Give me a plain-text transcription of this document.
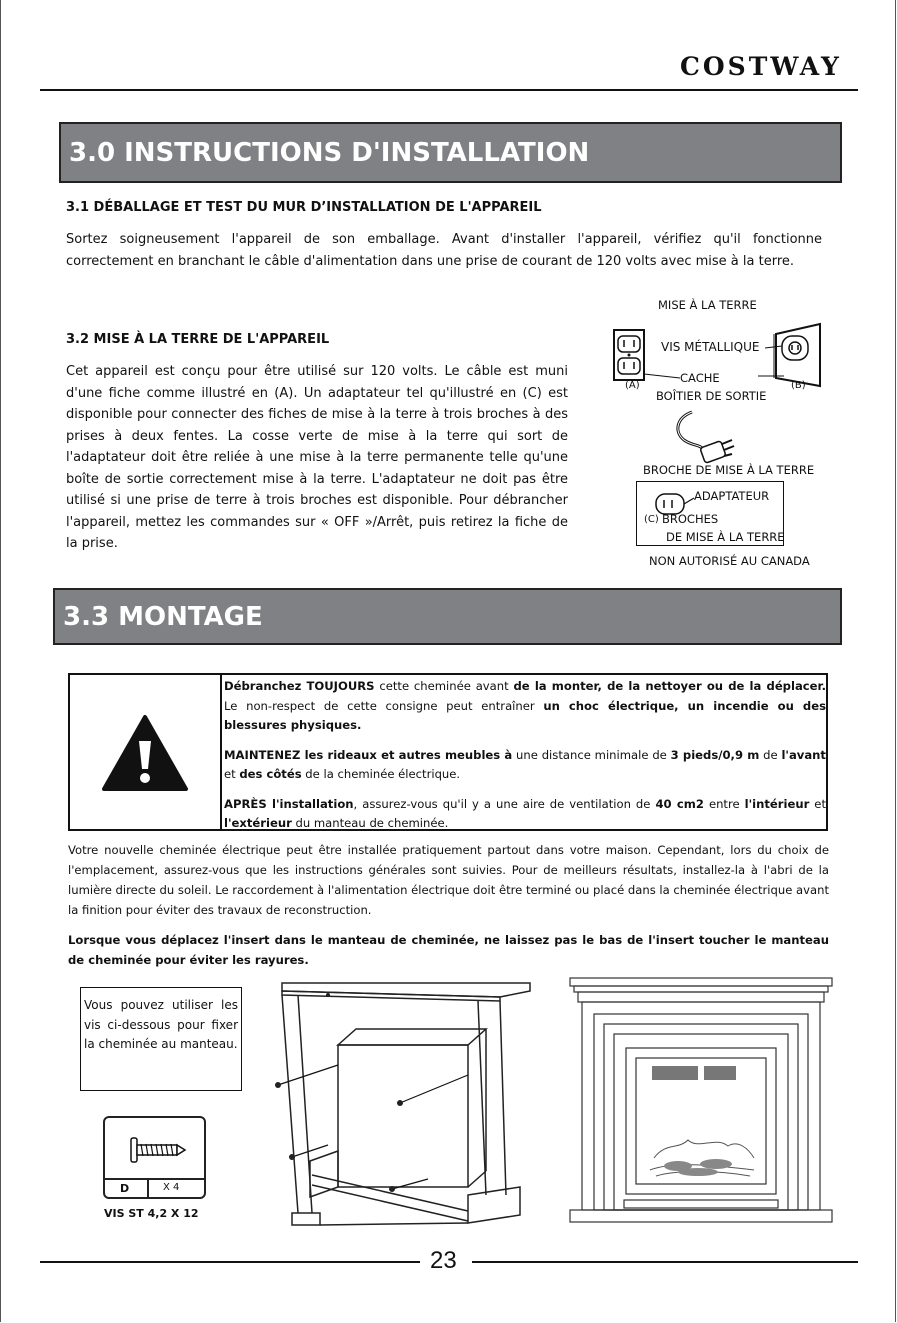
COSTWAY
3.0 INSTRUCTIONS D'INSTALLATION
3.1 DÉBALLAGE ET TEST DU MUR D’INSTALLATION DE L'APPAREIL
Sortez soigneusement l'appareil de son emballage. Avant d'installer l'appareil, vérifiez qu'il fonctionne correctement en branchant le câble d'alimentation dans une prise de courant de 120 volts avec mise à la terre.
3.2 MISE À LA TERRE DE L'APPAREIL
Cet appareil est conçu pour être utilisé sur 120 volts. Le câble est muni d'une fiche comme illustré en (A). Un adaptateur tel qu'illustré en (C) est disponible pour connecter des fiches de mise à la terre à trois broches à des prises à deux fentes. La cosse verte de mise à la terre qui sort de l'adaptateur doit être reliée à une mise à la terre permanente telle qu'une boîte de sortie correctement mise à la terre. L'adaptateur ne doit pas être utilisé si une prise de terre à trois broches est disponible. Pour débrancher l'appareil, mettez les commandes sur « OFF »/Arrêt, puis retirez la fiche de la prise.
MISE À LA TERRE
VIS MÉTALLIQUE
(A)	(B)
CACHE
BOÎTIER DE SORTIE
BROCHE DE MISE À LA TERRE
ADAPTATEUR
(C) BROCHES
DE MISE À LA TERRE
NON AUTORISÉ AU CANADA
3.3 MONTAGE

Débranchez TOUJOURS cette cheminée avant de la monter, de la nettoyer ou de la déplacer. Le non-respect de cette consigne peut entraîner un choc électrique, un incendie ou des blessures physiques.

MAINTENEZ les rideaux et autres meubles à une distance minimale de 3 pieds/0,9 m de l'avant et des côtés de la cheminée électrique.

APRÈS l'installation, assurez-vous qu'il y a une aire de ventilation de 40 cm2 entre l'intérieur et l'extérieur du manteau de cheminée.

Votre nouvelle cheminée électrique peut être installée pratiquement partout dans votre maison. Cependant, lors du choix de l'emplacement, assurez-vous que les instructions générales sont suivies. Pour de meilleurs résultats, installez-la à l'abri de la lumière directe du soleil. Le raccordement à l'alimentation électrique doit être terminé ou placé dans la cheminée électrique avant la finition pour éviter des travaux de reconstruction.
Lorsque vous déplacez l'insert dans le manteau de cheminée, ne laissez pas le bas de l'insert toucher le manteau de cheminée pour éviter les rayures.
Vous pouvez utiliser les vis ci-dessous pour fixer la cheminée au manteau.
D	X 4
VIS ST 4,2 X 12
23
